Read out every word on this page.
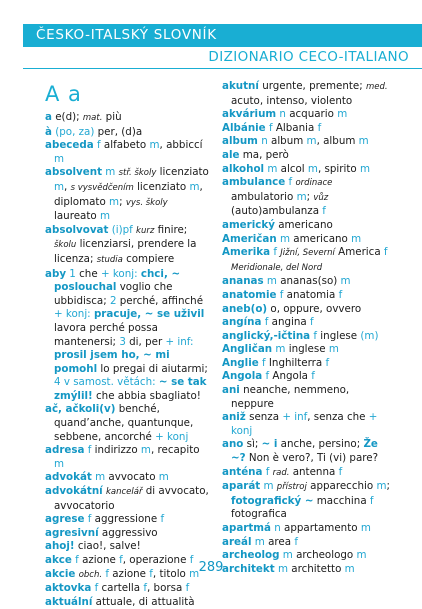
ČESKO-ITALSKÝ SLOVNÍK
DIZIONARIO CECO-ITALIANO
A a
a e(d); mat. più
à (po, za) per, (d)a
abeceda f alfabeto m, abbiccí m
absolvent m stř. školy licenziato m, s vysvědčením licenziato m, diplomato m; vys. školy laureato m
absolvovat (i)pf kurz finire; školu licenziarsi, prendere la licenza; studia compiere
aby 1 che + konj: chci, ~ poslouchal voglio che ubbidisca; 2 perché, affinché + konj: pracuje, ~ se uživil lavora perché possa mantenersi; 3 di, per + inf: prosil jsem ho, ~ mi pomohl lo pregai di aiutarmi; 4 v samost. větách: ~ se tak zmýlil! che abbia sbagliato!
ač, ačkoli(v) benché, quand’anche, quantunque, sebbene, ancorché + konj
adresa f indirizzo m, recapito m
advokát m avvocato m
advokátní kancelář di avvocato, avvocatorio
agrese f aggressione f
agresivní aggressivo
ahoj! ciao!, salve!
akce f azione f, operazione f
akcie obch. f azione f, titolo m
aktovka f cartella f, borsa f
aktuální attuale, di attualità
akutní urgente, premente; med. acuto, intenso, violento
akvárium n acquario m
Albánie f Albania f
album n album m, album m
ale ma, però
alkohol m alcol m, spirito m
ambulance f ordinace ambulatorio m; vůz (auto)ambulanza f
americký americano
Američan m americano m
Amerika f Jižní, Severní America f Meridionale, del Nord
ananas m ananas(so) m
anatomie f anatomia f
aneb(o) o, oppure, ovvero
angína f angina f
anglický,-ičtina f inglese (m)
Angličan m inglese m
Anglie f Inghilterra f
Angola f Angola f
ani neanche, nemmeno, neppure
aniž senza + inf, senza che + konj
ano sì; ~ i anche, persino; Že ~? Non è vero?, Ti (vi) pare?
anténa f rad. antenna f
aparát m přístroj apparecchio m; fotografický ~ macchina f fotografica
apartmá n appartamento m
areál m area f
archeolog m archeologo m
architekt m architetto m
289
